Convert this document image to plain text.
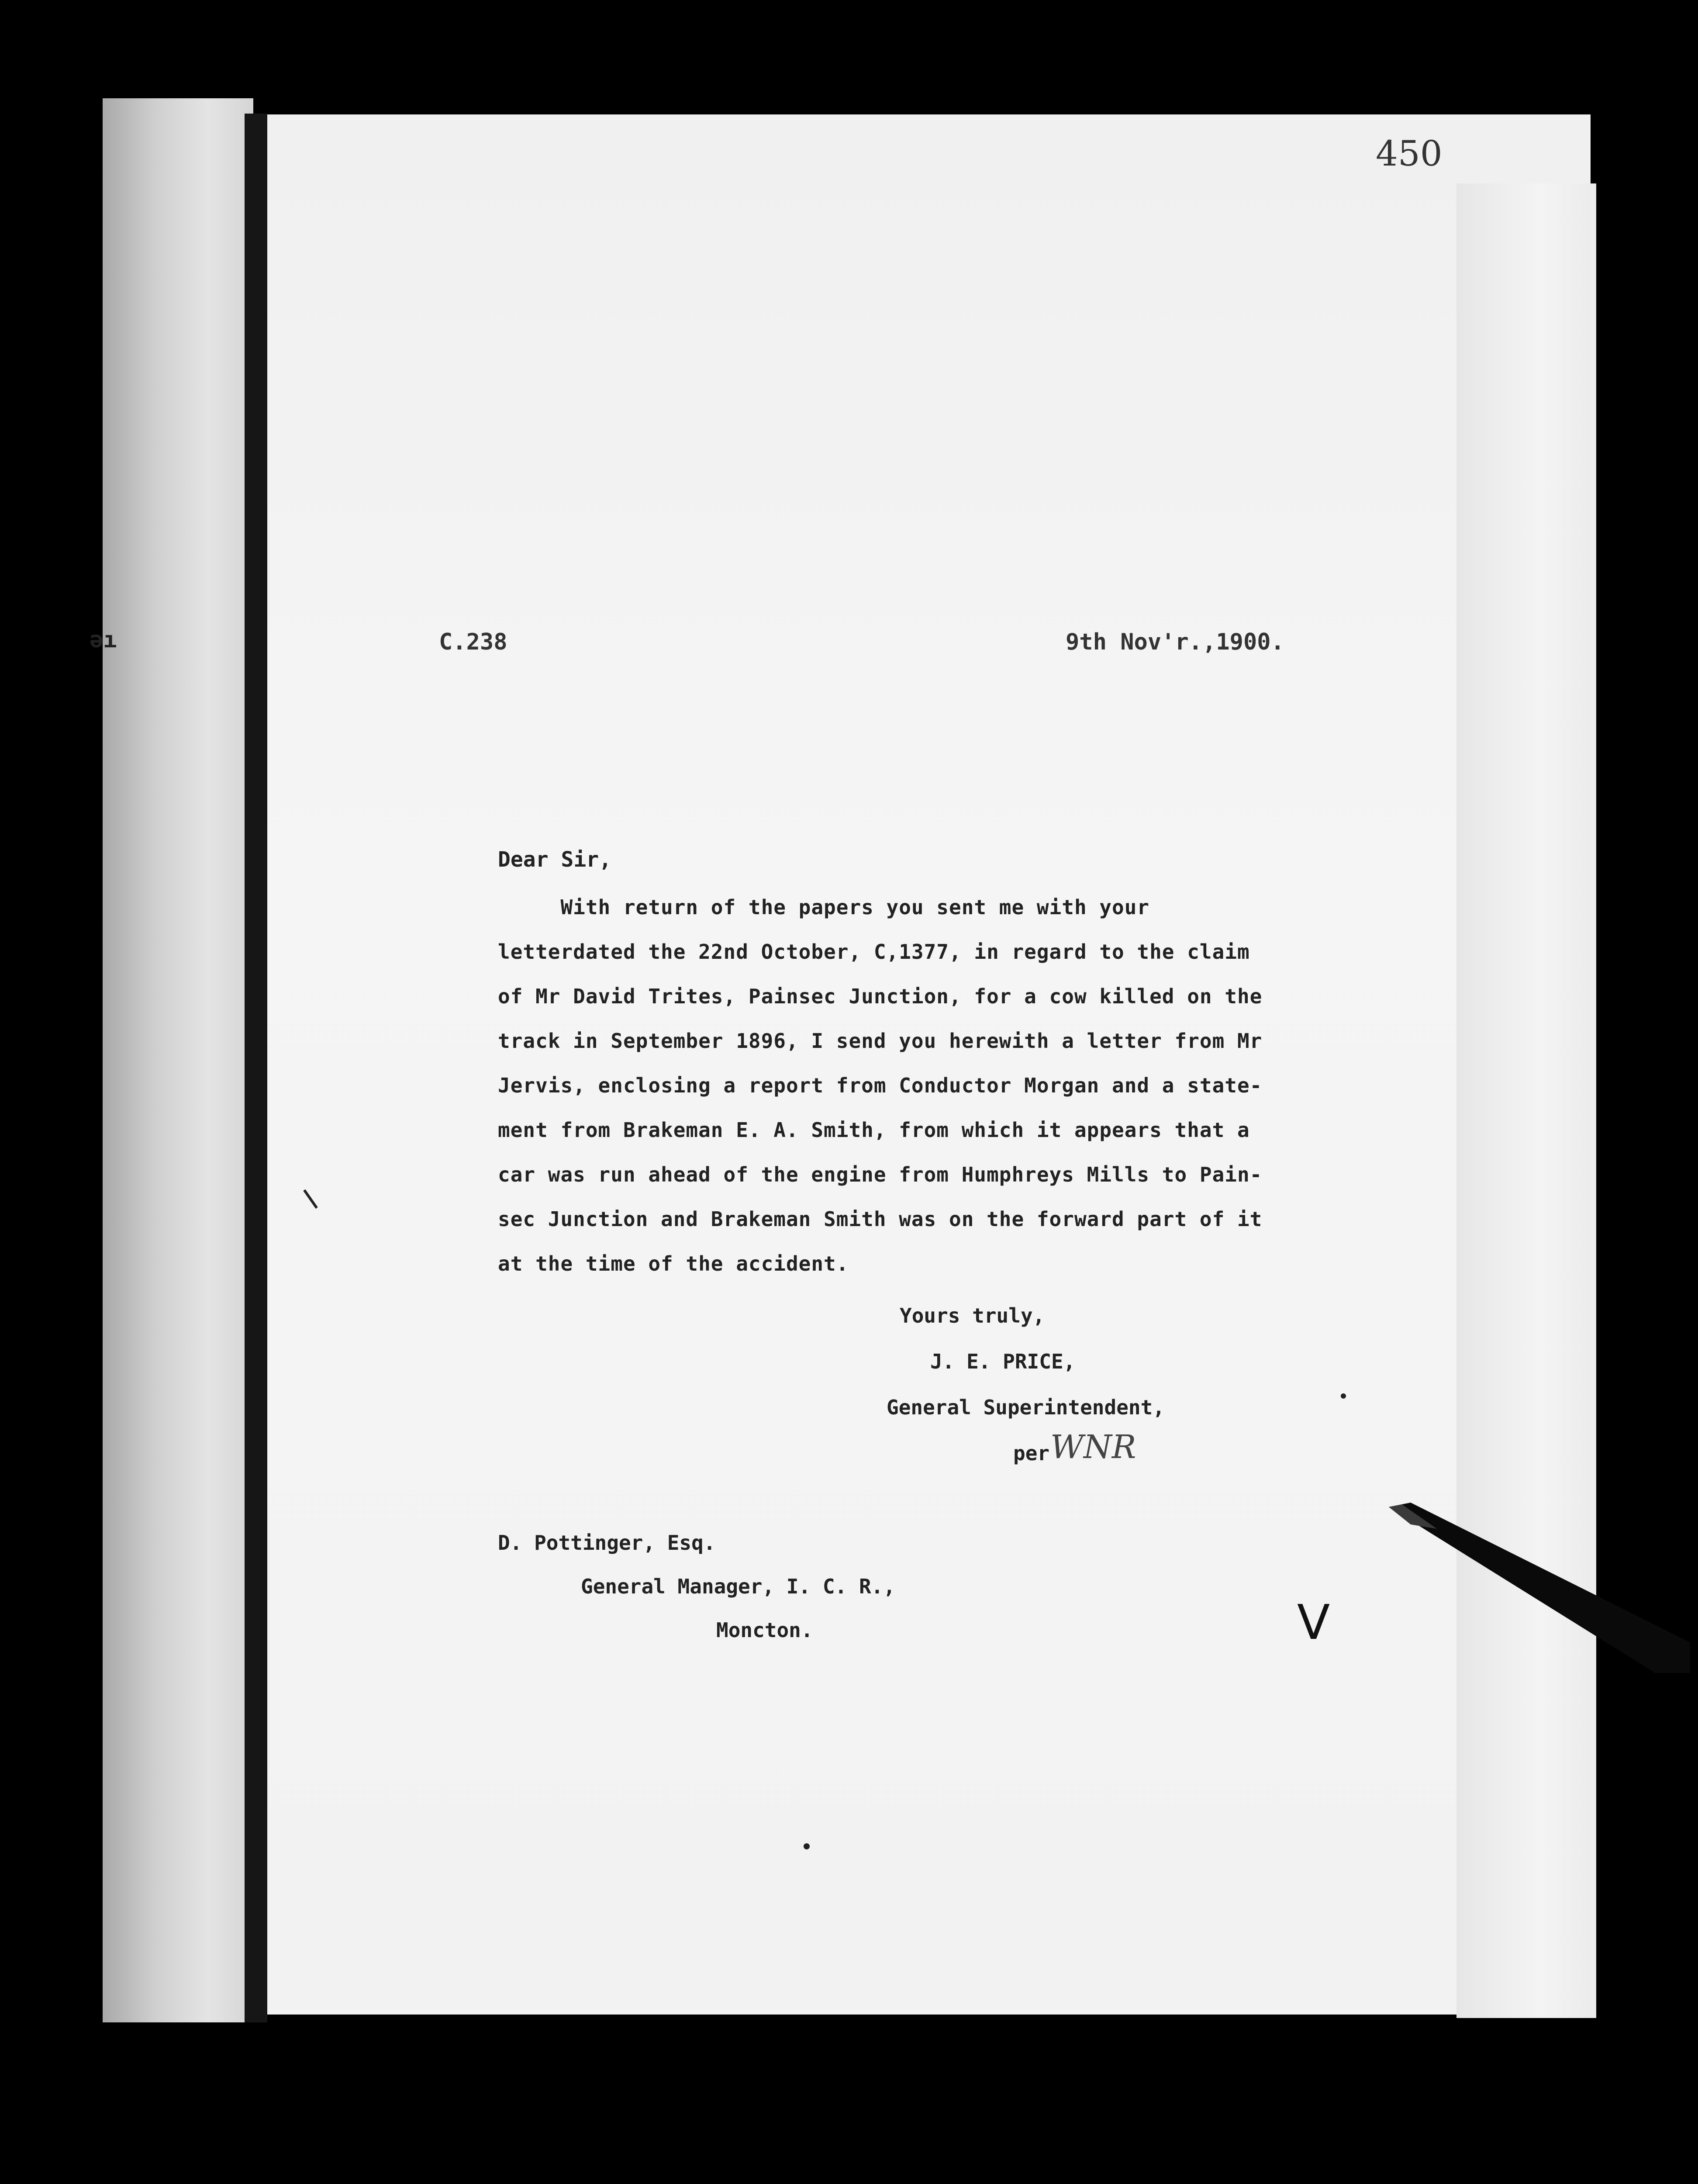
əı
450
C.238	9th Nov'r.,1900.
Dear Sir,
With return of the papers you sent me with your
letterdated the 22nd October, C,1377, in regard to the claim
of Mr David Trites, Painsec Junction, for a cow killed on the
track in September 1896, I send you herewith a letter from Mr
Jervis, enclosing a report from Conductor Morgan and a state-
ment from Brakeman E. A. Smith, from which it appears that a
car was run ahead of the engine from Humphreys Mills to Pain-
sec Junction and Brakeman Smith was on the forward part of it
at the time of the accident.
Yours truly,
J. E. PRICE,
General Superintendent,
per WNR
D. Pottinger, Esq.
General Manager, I. C. R.,
Moncton.	V
